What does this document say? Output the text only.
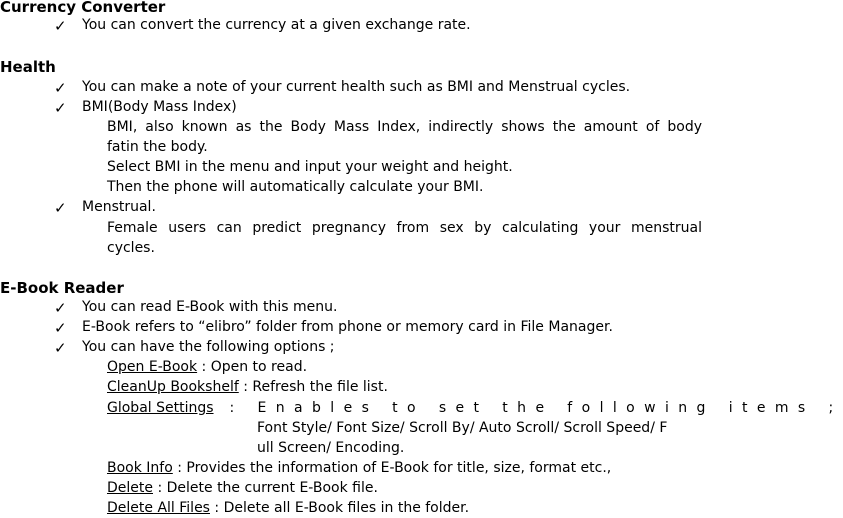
Currency Converter
✓ You can convert the currency at a given exchange rate.
Health
✓ You can make a note of your current health such as BMI and Menstrual cycles.
✓ BMI(Body Mass Index)
BMI, also known as the Body Mass Index, indirectly shows the amount of body
fatin the body.
Select BMI in the menu and input your weight and height.
Then the phone will automatically calculate your BMI.
✓ Menstrual.
Female users can predict pregnancy from sex by calculating your menstrual
cycles.
E-Book Reader
✓ You can read E-Book with this menu.
✓ E-Book refers to “elibro” folder from phone or memory card in File Manager.
✓ You can have the following options ;
Open E-Book : Open to read.
CleanUp Bookshelf : Refresh the file list.
Global Settings : Enables to set the following items ;
Font Style/ Font Size/ Scroll By/ Auto Scroll/ Scroll Speed/ F
ull Screen/ Encoding.
Book Info : Provides the information of E-Book for title, size, format etc.,
Delete : Delete the current E-Book file.
Delete All Files : Delete all E-Book files in the folder.
